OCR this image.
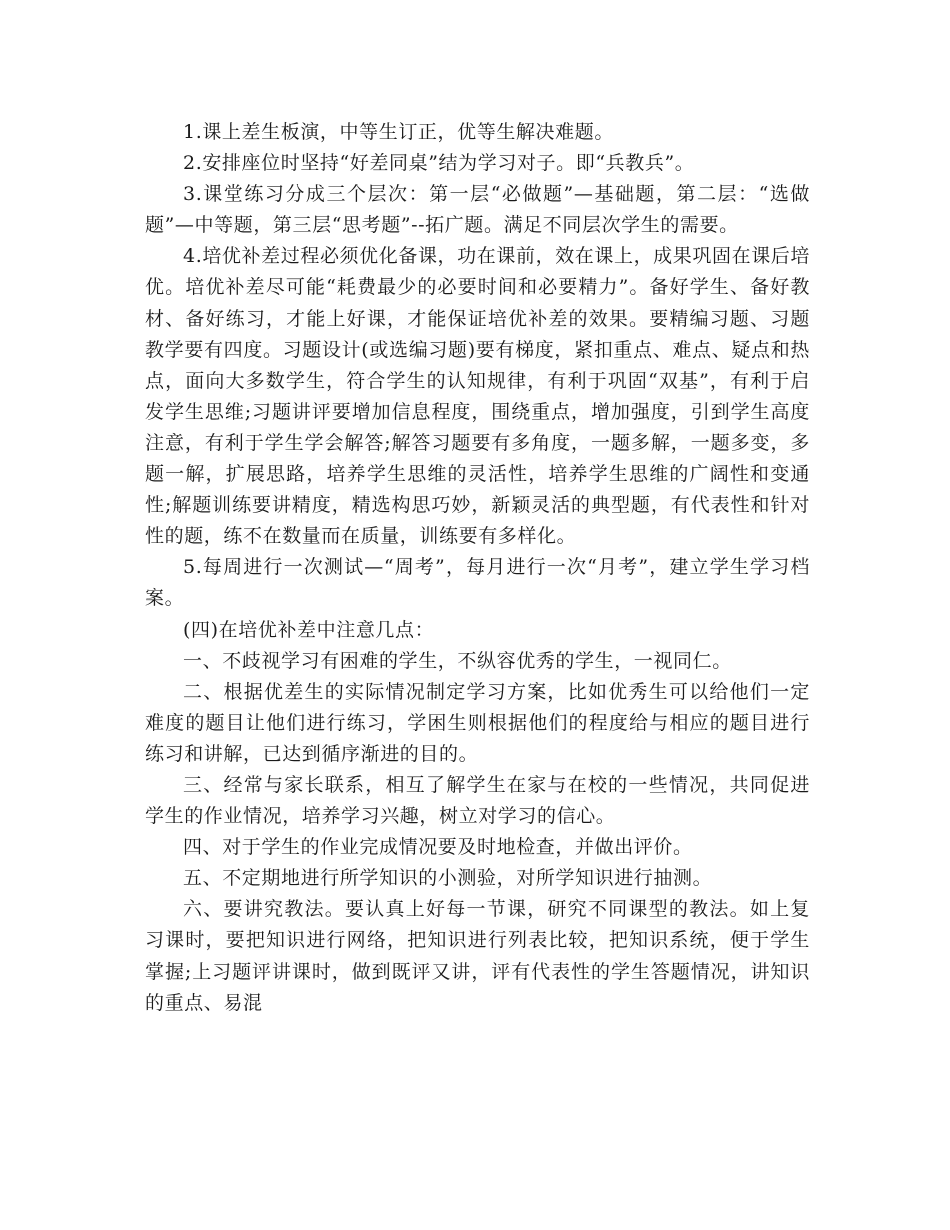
1.课上差生板演，中等生订正，优等生解决难题。

2.安排座位时坚持“好差同桌”结为学习对子。即“兵教兵”。

3.课堂练习分成三个层次：第一层“必做题”—基础题，第二层：“选做题”—中等题，第三层“思考题”--拓广题。满足不同层次学生的需要。

4.培优补差过程必须优化备课，功在课前，效在课上，成果巩固在课后培优。培优补差尽可能“耗费最少的必要时间和必要精力”。备好学生、备好教材、备好练习，才能上好课，才能保证培优补差的效果。要精编习题、习题教学要有四度。习题设计(或选编习题)要有梯度，紧扣重点、难点、疑点和热点，面向大多数学生，符合学生的认知规律，有利于巩固“双基”，有利于启发学生思维;习题讲评要增加信息程度，围绕重点，增加强度，引到学生高度注意，有利于学生学会解答;解答习题要有多角度，一题多解，一题多变，多题一解，扩展思路，培养学生思维的灵活性，培养学生思维的广阔性和变通性;解题训练要讲精度，精选构思巧妙，新颖灵活的典型题，有代表性和针对性的题，练不在数量而在质量，训练要有多样化。

5.每周进行一次测试—“周考”，每月进行一次“月考”，建立学生学习档案。

(四)在培优补差中注意几点：

一、不歧视学习有困难的学生，不纵容优秀的学生，一视同仁。

二、根据优差生的实际情况制定学习方案，比如优秀生可以给他们一定难度的题目让他们进行练习，学困生则根据他们的程度给与相应的题目进行练习和讲解，已达到循序渐进的目的。

三、经常与家长联系，相互了解学生在家与在校的一些情况，共同促进学生的作业情况，培养学习兴趣，树立对学习的信心。

四、对于学生的作业完成情况要及时地检查，并做出评价。

五、不定期地进行所学知识的小测验，对所学知识进行抽测。

六、要讲究教法。要认真上好每一节课，研究不同课型的教法。如上复习课时，要把知识进行网络，把知识进行列表比较，把知识系统，便于学生掌握;上习题评讲课时，做到既评又讲，评有代表性的学生答题情况，讲知识的重点、易混
